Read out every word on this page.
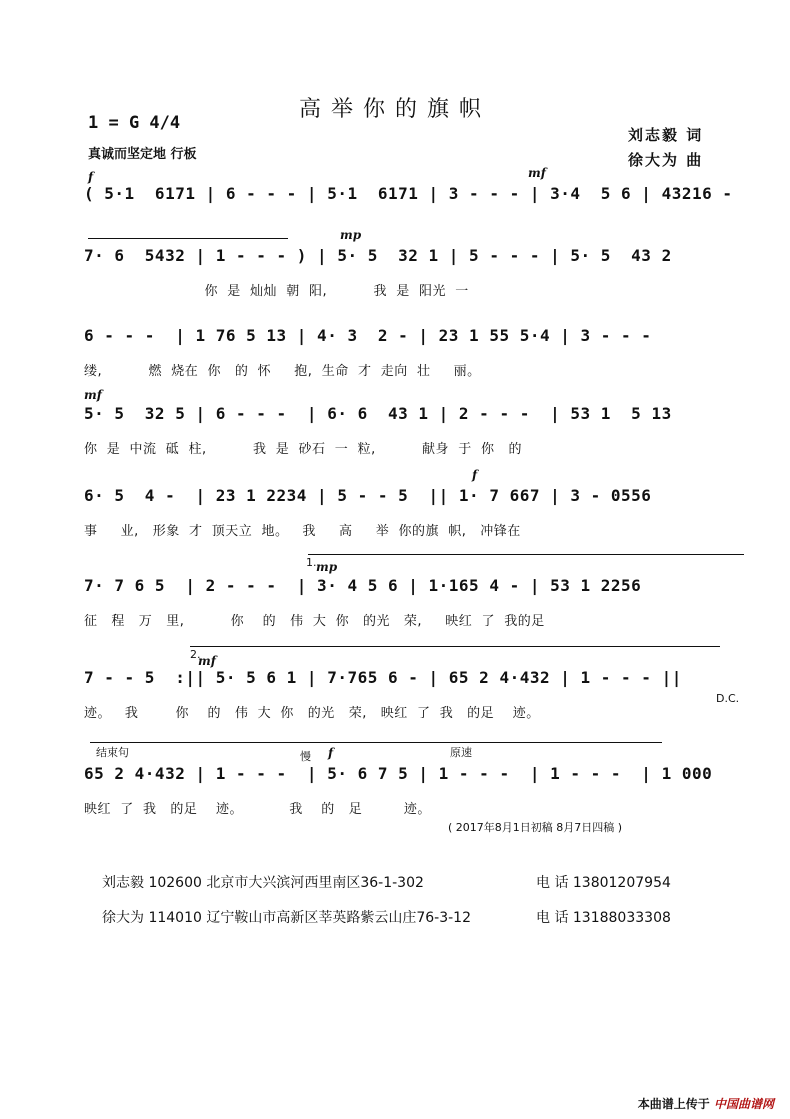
高举你的旗帜
1 = G 4/4
真诚而坚定地 行板
刘志毅 词
徐大为 曲
f	mf
( 5·1  6171 | 6 - - - | 5·1  6171 | 3 - - - | 3·4  5 6 | 43216 -
mp
7· 6  5432 | 1 - - - ) | 5· 5  32 1 | 5 - - - | 5· 5  43 2
你  是  灿灿  朝  阳,          我  是  阳光  一
6 - - -  | 1 76 5 13 | 4· 3  2 - | 23 1 55 5·4 | 3 - - -
缕,          燃  烧在  你   的  怀     抱,  生命  才  走向  壮     丽。
mf
5· 5  32 5 | 6 - - -  | 6· 6  43 1 | 2 - - -  | 53 1  5 13
你  是  中流  砥  柱,          我  是  砂石  一  粒,          献身  于  你   的
f
6· 5  4 -  | 23 1 2234 | 5 - - 5  || 1· 7 667 | 3 - 0556
事     业,   形象  才  顶天立  地。   我     高     举  你的旗  帜,   冲锋在
1. mp
7· 7 6 5  | 2 - - -  | 3· 4 5 6 | 1·165 4 - | 53 1 2256
征   程   万   里,          你    的   伟  大  你   的光   荣,     映红  了  我的足
2.
mf
7 - - 5  :|| 5· 5 6 1 | 7·765 6 - | 65 2 4·432 | 1 - - - ||
迹。   我        你    的   伟  大  你   的光   荣,   映红  了  我   的足    迹。
D.C.
结束句	慢 f	原速
65 2 4·432 | 1 - - -  | 5· 6 7 5 | 1 - - -  | 1 - - -  | 1 000
映红  了  我   的足    迹。          我    的   足         迹。
( 2017年8月1日初稿 8月7日四稿 )
刘志毅 102600 北京市大兴滨河西里南区36-1-302	电 话 13801207954
徐大为 114010 辽宁鞍山市高新区莘英路紫云山庄76-3-12	电 话 13188033308
本曲谱上传于 中国曲谱网
